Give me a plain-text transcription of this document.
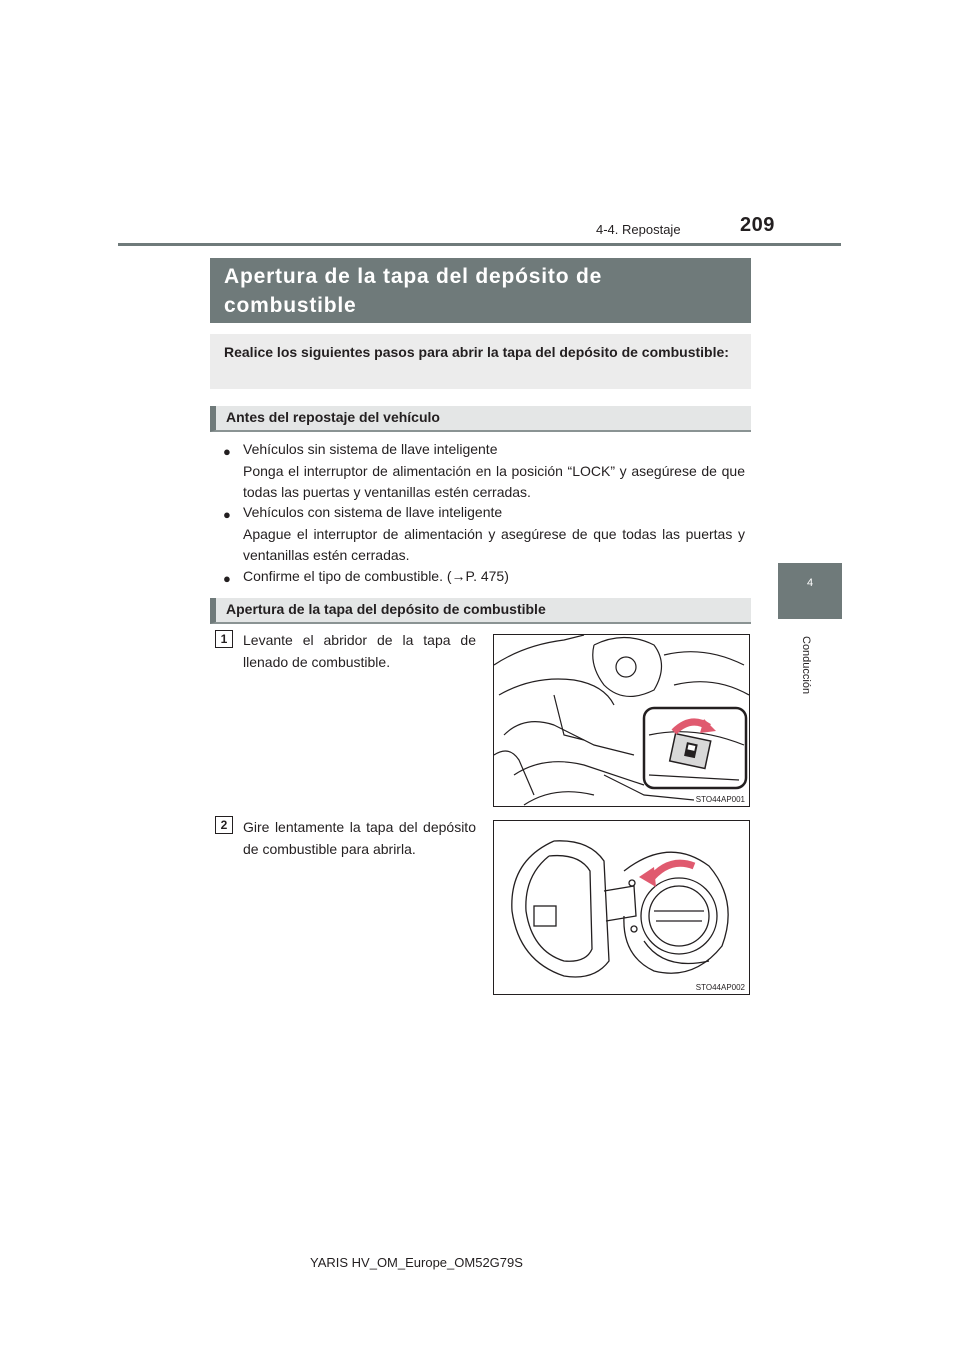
4-4. Repostaje	209
4
Conducción
Apertura de la tapa del depósito de
combustible
Realice los siguientes pasos para abrir la tapa del depósito de combustible:
Antes del repostaje del vehículo
● Vehículos sin sistema de llave inteligente
Ponga el interruptor de alimentación en la posición “LOCK” y asegúrese de que todas las puertas y ventanillas estén cerradas.
● Vehículos con sistema de llave inteligente
Apague el interruptor de alimentación y asegúrese de que todas las puertas y ventanillas estén cerradas.
● Confirme el tipo de combustible. (→P. 475)
Apertura de la tapa del depósito de combustible
1	Levante el abridor de la tapa de llenado de combustible.
STO44AP001
2	Gire lentamente la tapa del depósito de combustible para abrirla.
STO44AP002
YARIS HV_OM_Europe_OM52G79S
